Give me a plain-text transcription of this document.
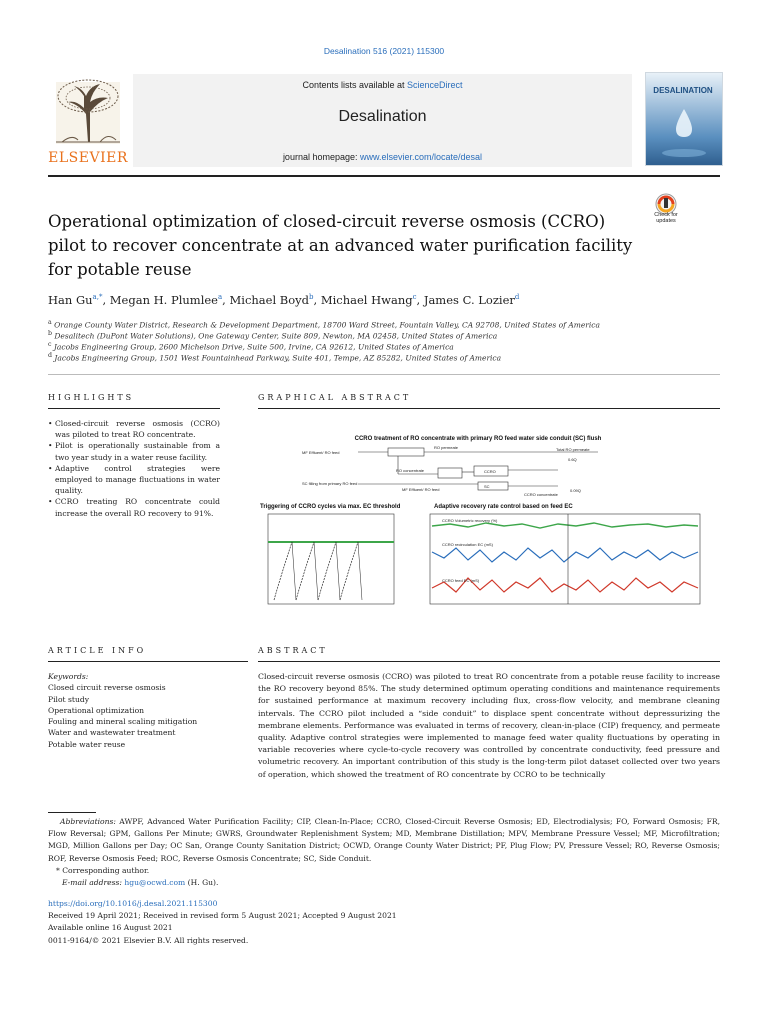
Desalination 516 (2021) 115300
Contents lists available at ScienceDirect
Desalination
journal homepage: www.elsevier.com/locate/desal
ELSEVIER
DESALINATION
Check for updates
Operational optimization of closed-circuit reverse osmosis (CCRO) pilot to recover concentrate at an advanced water purification facility for potable reuse
Han $Gu^{a,*}$, Megan H. Plumlee$^a$, Michael Boyd$^b$, Michael Hwang$^c$, James C. Lozier$^d$
$^a$ Orange County Water District, Research & Development Department, 18700 Ward Street, Fountain Valley, CA 92708, United States of America
$^b$ Desalitech (DuPont Water Solutions), One Gateway Center, Suite 809, Newton, MA 02458, United States of America
$^c$ Jacobs Engineering Group, 2600 Michelson Drive, Suite 500, Irvine, CA 92612, United States of America
$^d$ Jacobs Engineering Group, 1501 West Fountainhead Parkway, Suite 401, Tempe, AZ 85282, United States of America
HIGHLIGHTS

• Closed-circuit reverse osmosis (CCRO) was piloted to treat RO concentrate.

• Pilot is operationally sustainable from a two year study in a water reuse facility.

• Adaptive control strategies were employed to manage fluctuations in water quality.

• CCRO treating RO concentrate could increase the overall RO recovery to 91%.

GRAPHICAL ABSTRACT
CCRO treatment of RO concentrate with primary RO feed water side conduit (SC) flush
MF Effluent/ RO feed
RO permeate	Total RO permeate
0.6Q
RO concentrate	CCRO
SC filling from primary RO feed
MF Effluent/ RO feed
SC
CCRO concentrate
0.09Q
Triggering of CCRO cycles via max. EC threshold	Adaptive recovery rate control based on feed EC
CCRO Volumetric recovery (%)
CCRO recirculation EC (mS)
CCRO feed EC (mS)
ARTICLE INFO
Keywords:
Closed circuit reverse osmosis
Pilot study
Operational optimization
Fouling and mineral scaling mitigation
Water and wastewater treatment
Potable water reuse
ABSTRACT
Closed-circuit reverse osmosis (CCRO) was piloted to treat RO concentrate from a potable reuse facility to increase the RO recovery beyond 85%. The study determined optimum operating conditions and maintenance requirements for sustained performance at maximum recovery including flux, cross-flow velocity, and membrane cleaning intervals. The CCRO pilot included a “side conduit” to displace spent concentrate without depressurizing the membrane elements. Performance was evaluated in terms of recovery, clean-in-place (CIP) frequency, and permeate quality. Adaptive control strategies were implemented to manage feed water quality fluctuations by operating in variable recoveries where cycle-to-cycle recovery was controlled by concentrate conductivity, feed pressure and volumetric recovery. An important contribution of this study is the long-term pilot dataset collected over two years of operation, which showed the treatment of RO concentrate by CCRO to be technically
Abbreviations: AWPF, Advanced Water Purification Facility; CIP, Clean-In-Place; CCRO, Closed-Circuit Reverse Osmosis; ED, Electrodialysis; FO, Forward Osmosis; FR, Flow Reversal; GPM, Gallons Per Minute; GWRS, Groundwater Replenishment System; MD, Membrane Distillation; MPV, Membrane Pressure Vessel; MF, Microfiltration; MGD, Million Gallons per Day; OC San, Orange County Sanitation District; OCWD, Orange County Water District; PF, Plug Flow; PV, Pressure Vessel; RO, Reverse Osmosis; ROF, Reverse Osmosis Feed; ROC, Reverse Osmosis Concentrate; SC, Side Conduit.
* Corresponding author.
E-mail address: hgu@ocwd.com (H. Gu).
https://doi.org/10.1016/j.desal.2021.115300
Received 19 April 2021; Received in revised form 5 August 2021; Accepted 9 August 2021
Available online 16 August 2021
0011-9164/© 2021 Elsevier B.V. All rights reserved.
